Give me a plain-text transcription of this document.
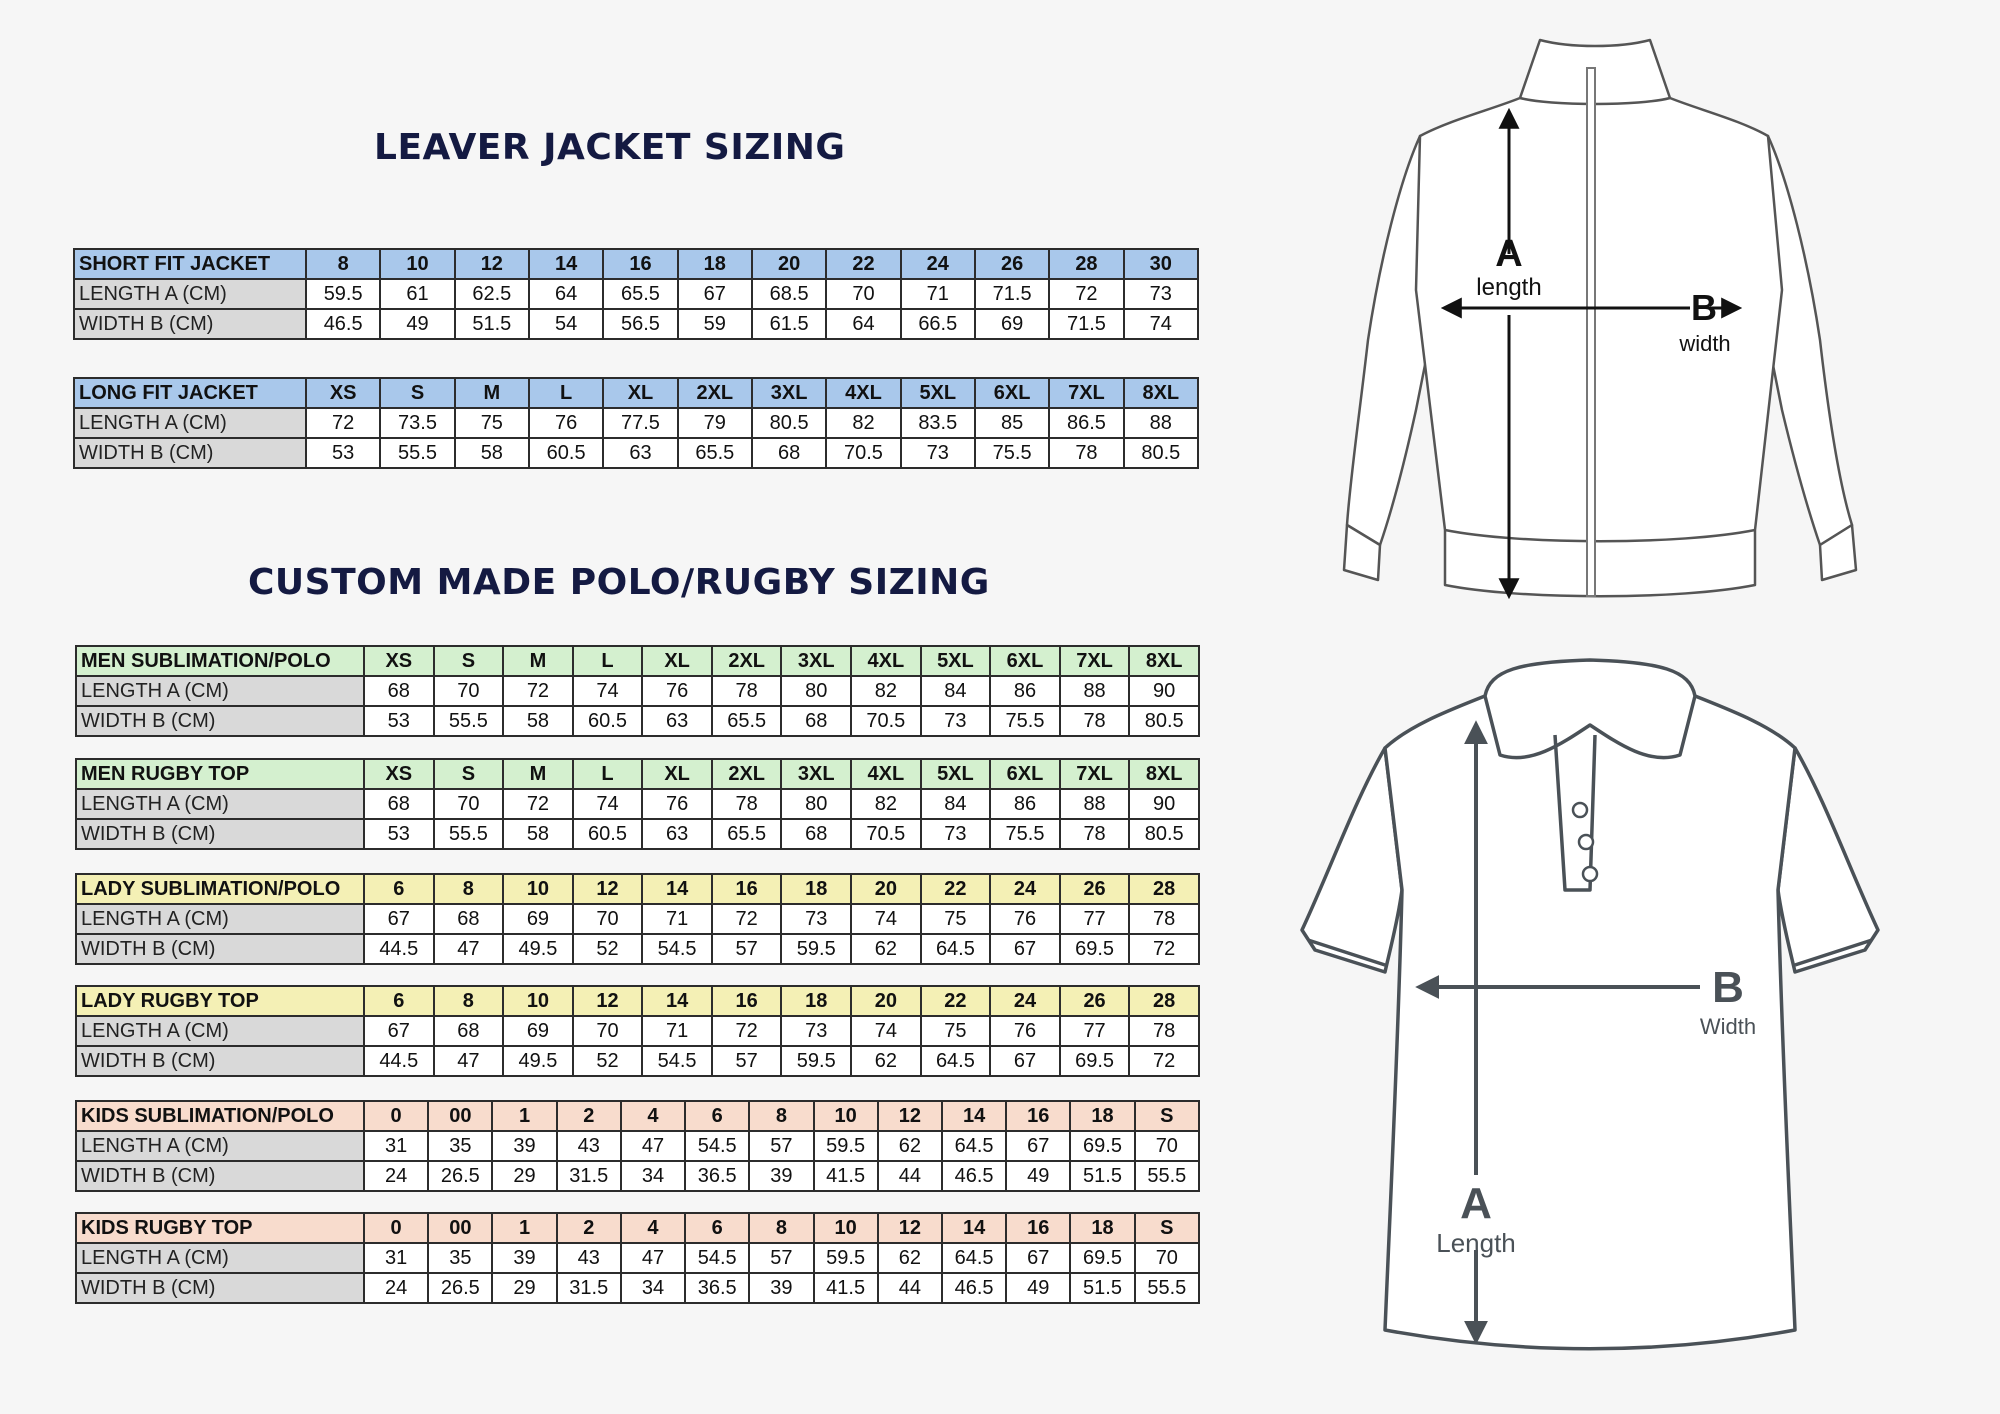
LEAVER JACKET SIZING
CUSTOM MADE POLO/RUGBY SIZING
SHORT FIT JACKET	8	10	12	14	16	18	20	22	24	26	28	30
LENGTH A (CM)	59.5	61	62.5	64	65.5	67	68.5	70	71	71.5	72	73
WIDTH B (CM)	46.5	49	51.5	54	56.5	59	61.5	64	66.5	69	71.5	74
LONG FIT JACKET	XS	S	M	L	XL	2XL	3XL	4XL	5XL	6XL	7XL	8XL
LENGTH A (CM)	72	73.5	75	76	77.5	79	80.5	82	83.5	85	86.5	88
WIDTH B (CM)	53	55.5	58	60.5	63	65.5	68	70.5	73	75.5	78	80.5
MEN SUBLIMATION/POLO	XS	S	M	L	XL	2XL	3XL	4XL	5XL	6XL	7XL	8XL
LENGTH A (CM)	68	70	72	74	76	78	80	82	84	86	88	90
WIDTH B (CM)	53	55.5	58	60.5	63	65.5	68	70.5	73	75.5	78	80.5
MEN RUGBY TOP	XS	S	M	L	XL	2XL	3XL	4XL	5XL	6XL	7XL	8XL
LENGTH A (CM)	68	70	72	74	76	78	80	82	84	86	88	90
WIDTH B (CM)	53	55.5	58	60.5	63	65.5	68	70.5	73	75.5	78	80.5
LADY SUBLIMATION/POLO	6	8	10	12	14	16	18	20	22	24	26	28
LENGTH A (CM)	67	68	69	70	71	72	73	74	75	76	77	78
WIDTH B (CM)	44.5	47	49.5	52	54.5	57	59.5	62	64.5	67	69.5	72
LADY RUGBY TOP	6	8	10	12	14	16	18	20	22	24	26	28
LENGTH A (CM)	67	68	69	70	71	72	73	74	75	76	77	78
WIDTH B (CM)	44.5	47	49.5	52	54.5	57	59.5	62	64.5	67	69.5	72
KIDS SUBLIMATION/POLO	0	00	1	2	4	6	8	10	12	14	16	18	S
LENGTH A (CM)	31	35	39	43	47	54.5	57	59.5	62	64.5	67	69.5	70
WIDTH B (CM)	24	26.5	29	31.5	34	36.5	39	41.5	44	46.5	49	51.5	55.5
KIDS RUGBY TOP	0	00	1	2	4	6	8	10	12	14	16	18	S
LENGTH A (CM)	31	35	39	43	47	54.5	57	59.5	62	64.5	67	69.5	70
WIDTH B (CM)	24	26.5	29	31.5	34	36.5	39	41.5	44	46.5	49	51.5	55.5
A
length	B
width
A
Length
B
Width
